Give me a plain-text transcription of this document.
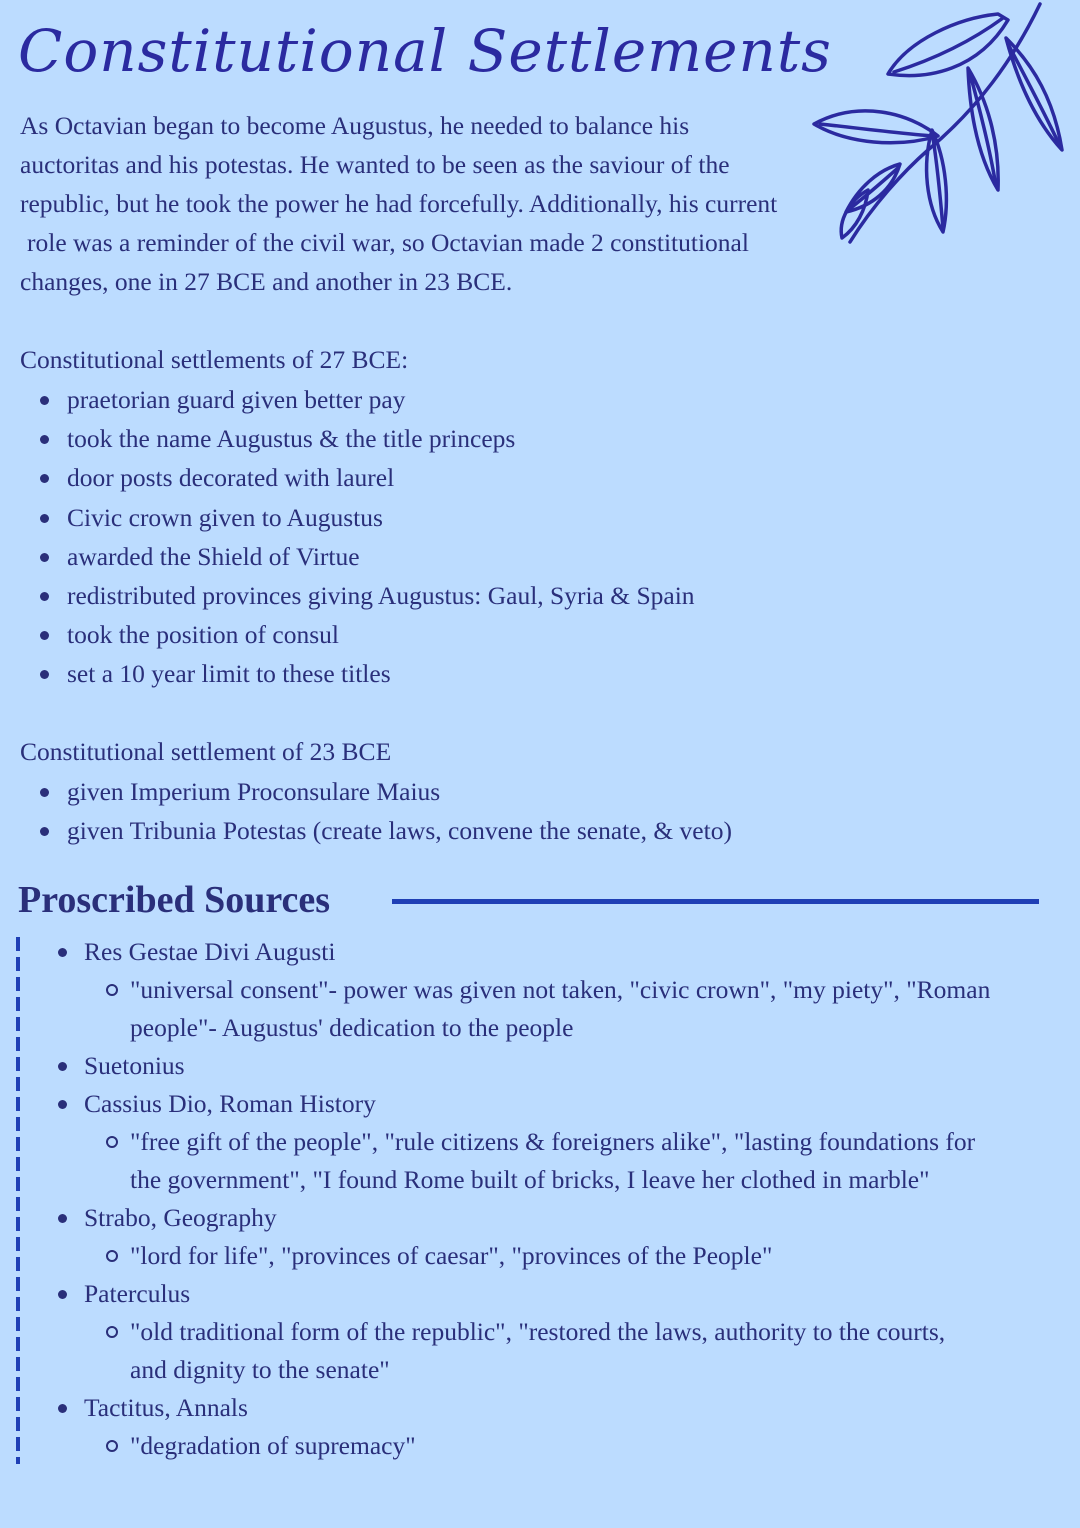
Constitutional Settlements
As Octavian began to become Augustus, he needed to balance his
auctoritas and his potestas. He wanted to be seen as the saviour of the
republic, but he took the power he had forcefully. Additionally, his current
role was a reminder of the civil war, so Octavian made 2 constitutional
changes, one in 27 BCE and another in 23 BCE.
Constitutional settlements of 27 BCE:
praetorian guard given better pay
took the name Augustus & the title princeps
door posts decorated with laurel
Civic crown given to Augustus
awarded the Shield of Virtue
redistributed provinces giving Augustus: Gaul, Syria & Spain
took the position of consul
set a 10 year limit to these titles
Constitutional settlement of 23 BCE
given Imperium Proconsulare Maius
given Tribunia Potestas (create laws, convene the senate, & veto)
Proscribed Sources
Res Gestae Divi Augusti
"universal consent"- power was given not taken, "civic crown", "my piety", "Roman
people"- Augustus' dedication to the people
Suetonius
Cassius Dio, Roman History
"free gift of the people", "rule citizens & foreigners alike", "lasting foundations for
the government", "I found Rome built of bricks, I leave her clothed in marble"
Strabo, Geography
"lord for life", "provinces of caesar", "provinces of the People"
Paterculus
"old traditional form of the republic", "restored the laws, authority to the courts,
and dignity to the senate"
Tactitus, Annals
"degradation of supremacy"
